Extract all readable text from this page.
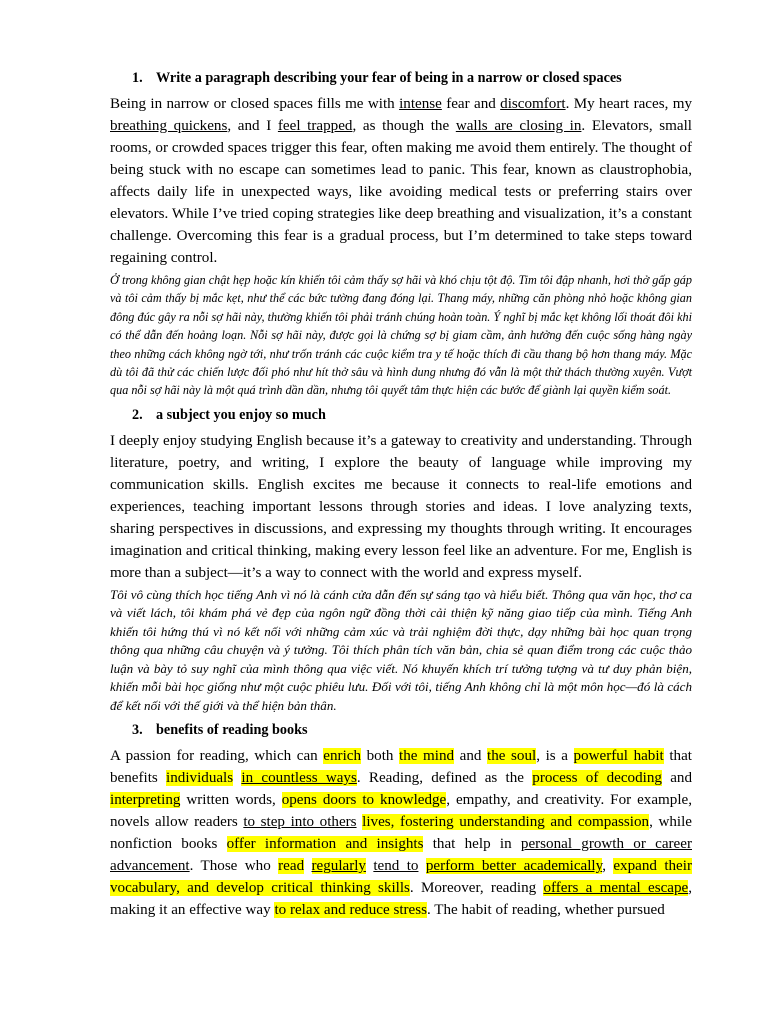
1. Write a paragraph describing your fear of being in a narrow or closed spaces

Being in narrow or closed spaces fills me with intense fear and discomfort. My heart races, my breathing quickens, and I feel trapped, as though the walls are closing in. Elevators, small rooms, or crowded spaces trigger this fear, often making me avoid them entirely. The thought of being stuck with no escape can sometimes lead to panic. This fear, known as claustrophobia, affects daily life in unexpected ways, like avoiding medical tests or preferring stairs over elevators. While I’ve tried coping strategies like deep breathing and visualization, it’s a constant challenge. Overcoming this fear is a gradual process, but I’m determined to take steps toward regaining control.

Ở trong không gian chật hẹp hoặc kín khiến tôi cảm thấy sợ hãi và khó chịu tột độ. Tim tôi đập nhanh, hơi thở gấp gáp và tôi cảm thấy bị mắc kẹt, như thể các bức tường đang đóng lại. Thang máy, những căn phòng nhỏ hoặc không gian đông đúc gây ra nỗi sợ hãi này, thường khiến tôi phải tránh chúng hoàn toàn. Ý nghĩ bị mắc kẹt không lối thoát đôi khi có thể dẫn đến hoảng loạn. Nỗi sợ hãi này, được gọi là chứng sợ bị giam cầm, ảnh hưởng đến cuộc sống hàng ngày theo những cách không ngờ tới, như trốn tránh các cuộc kiểm tra y tế hoặc thích đi cầu thang bộ hơn thang máy. Mặc dù tôi đã thử các chiến lược đối phó như hít thở sâu và hình dung nhưng đó vẫn là một thử thách thường xuyên. Vượt qua nỗi sợ hãi này là một quá trình dần dần, nhưng tôi quyết tâm thực hiện các bước để giành lại quyền kiểm soát.

2. a subject you enjoy so much

I deeply enjoy studying English because it’s a gateway to creativity and understanding. Through literature, poetry, and writing, I explore the beauty of language while improving my communication skills. English excites me because it connects to real-life emotions and experiences, teaching important lessons through stories and ideas. I love analyzing texts, sharing perspectives in discussions, and expressing my thoughts through writing. It encourages imagination and critical thinking, making every lesson feel like an adventure. For me, English is more than a subject—it’s a way to connect with the world and express myself.

Tôi vô cùng thích học tiếng Anh vì nó là cánh cửa dẫn đến sự sáng tạo và hiểu biết. Thông qua văn học, thơ ca và viết lách, tôi khám phá vẻ đẹp của ngôn ngữ đồng thời cải thiện kỹ năng giao tiếp của mình. Tiếng Anh khiến tôi hứng thú vì nó kết nối với những cảm xúc và trải nghiệm đời thực, dạy những bài học quan trọng thông qua những câu chuyện và ý tưởng. Tôi thích phân tích văn bản, chia sẻ quan điểm trong các cuộc thảo luận và bày tỏ suy nghĩ của mình thông qua việc viết. Nó khuyến khích trí tưởng tượng và tư duy phản biện, khiến mỗi bài học giống như một cuộc phiêu lưu. Đối với tôi, tiếng Anh không chỉ là một môn học—đó là cách để kết nối với thế giới và thể hiện bản thân.

3. benefits of reading books

A passion for reading, which can enrich both the mind and the soul, is a powerful habit that benefits individuals in countless ways. Reading, defined as the process of decoding and interpreting written words, opens doors to knowledge, empathy, and creativity. For example, novels allow readers to step into others lives, fostering understanding and compassion, while nonfiction books offer information and insights that help in personal growth or career advancement. Those who read regularly tend to perform better academically, expand their vocabulary, and develop critical thinking skills. Moreover, reading offers a mental escape, making it an effective way to relax and reduce stress. The habit of reading, whether pursued
